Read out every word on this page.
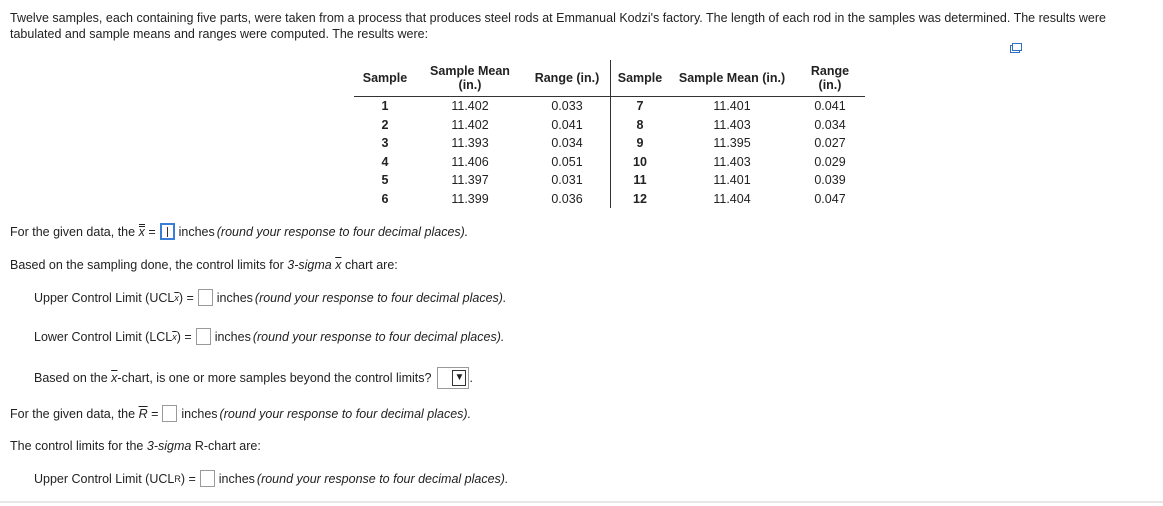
Twelve samples, each containing five parts, were taken from a process that produces steel rods at Emmanual Kodzi's factory. The length of each rod in the samples was determined. The results were tabulated and sample means and ranges were computed. The results were:
Sample	Sample Mean (in.)	Range (in.)	Sample	Sample Mean (in.)	Range (in.)
1	11.402	0.033	7	11.401	0.041
2	11.402	0.041	8	11.403	0.034
3	11.393	0.034	9	11.395	0.027
4	11.406	0.051	10	11.403	0.029
5	11.397	0.031	11	11.401	0.039
6	11.399	0.036	12	11.404	0.047
For the given data, the
x
= inches (round your response to four decimal places).
Based on the sampling done, the control limits for
3-sigma
$\overline{x}$
chart are:
Upper Control Limit (UCL $\overline{x}$ ) = inches (round your response to four decimal places).
Lower Control Limit (LCL $\overline{x}$ ) = inches (round your response to four decimal places).
Based on the
$\overline{x}$ -chart, is one or more samples beyond the control limits? ▼ .
For the given data, the
$\overline{R}$
= inches (round your response to four decimal places).
The control limits for the
3-sigma
R-chart are:
Upper Control Limit (UCL R ) = inches (round your response to four decimal places).
